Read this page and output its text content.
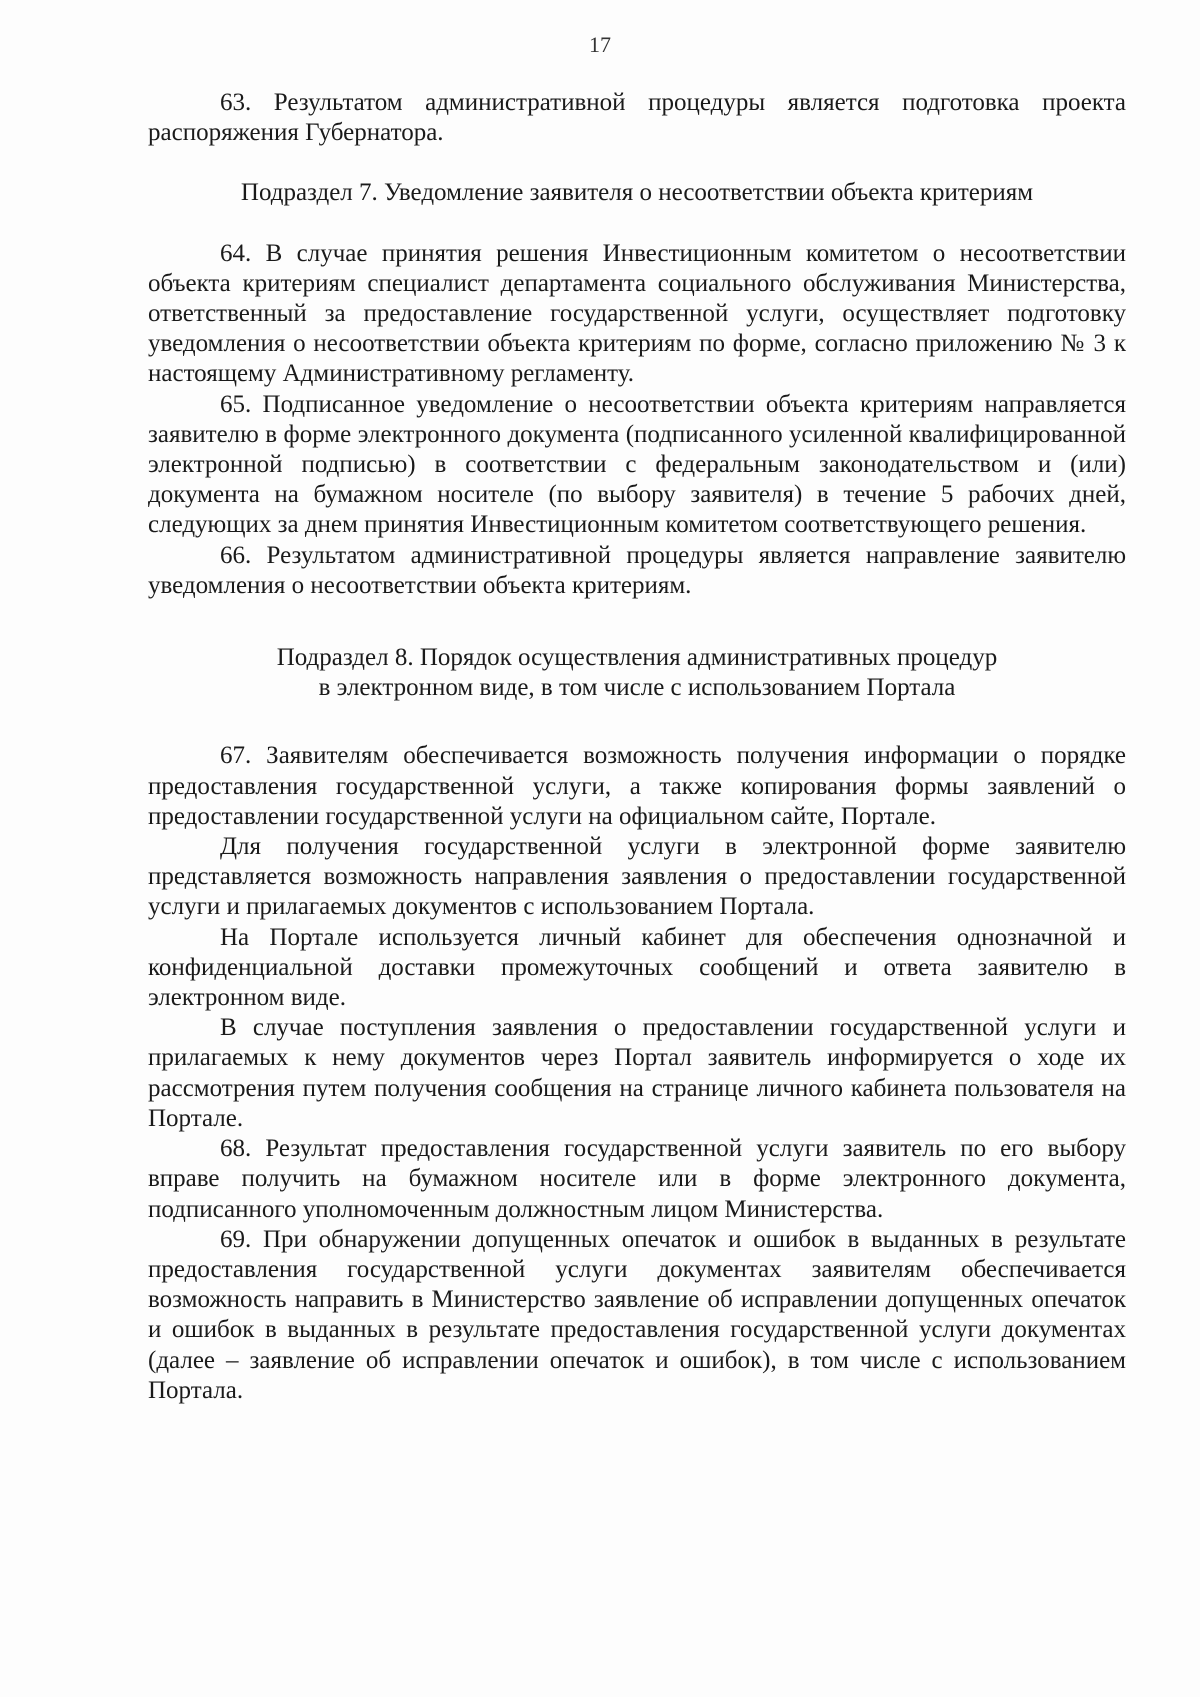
17

63. Результатом административной процедуры является подготовка проекта распоряжения Губернатора.

Подраздел 7. Уведомление заявителя о несоответствии объекта критериям

64. В случае принятия решения Инвестиционным комитетом о несоответствии объекта критериям специалист департамента социального обслуживания Министерства, ответственный за предоставление государственной услуги, осуществляет подготовку уведомления о несоответствии объекта критериям по форме, согласно приложению № 3 к настоящему Административному регламенту.

65. Подписанное уведомление о несоответствии объекта критериям направляется заявителю в форме электронного документа (подписанного усиленной квалифицированной электронной подписью) в соответствии с федеральным законодательством и (или) документа на бумажном носителе (по выбору заявителя) в течение 5 рабочих дней, следующих за днем принятия Инвестиционным комитетом соответствующего решения.

66. Результатом административной процедуры является направление заявителю уведомления о несоответствии объекта критериям.

Подраздел 8. Порядок осуществления административных процедур

в электронном виде, в том числе с использованием Портала

67. Заявителям обеспечивается возможность получения информации о порядке предоставления государственной услуги, а также копирования формы заявлений о предоставлении государственной услуги на официальном сайте, Портале.

Для получения государственной услуги в электронной форме заявителю представляется возможность направления заявления о предоставлении государственной услуги и прилагаемых документов с использованием Портала.

На Портале используется личный кабинет для обеспечения однозначной и конфиденциальной доставки промежуточных сообщений и ответа заявителю в электронном виде.

В случае поступления заявления о предоставлении государственной услуги и прилагаемых к нему документов через Портал заявитель информируется о ходе их рассмотрения путем получения сообщения на странице личного кабинета пользователя на Портале.

68. Результат предоставления государственной услуги заявитель по его выбору вправе получить на бумажном носителе или в форме электронного документа, подписанного уполномоченным должностным лицом Министерства.

69. При обнаружении допущенных опечаток и ошибок в выданных в результате предоставления государственной услуги документах заявителям обеспечивается возможность направить в Министерство заявление об исправлении допущенных опечаток и ошибок в выданных в результате предоставления государственной услуги документах (далее – заявление об исправлении опечаток и ошибок), в том числе с использованием Портала.
